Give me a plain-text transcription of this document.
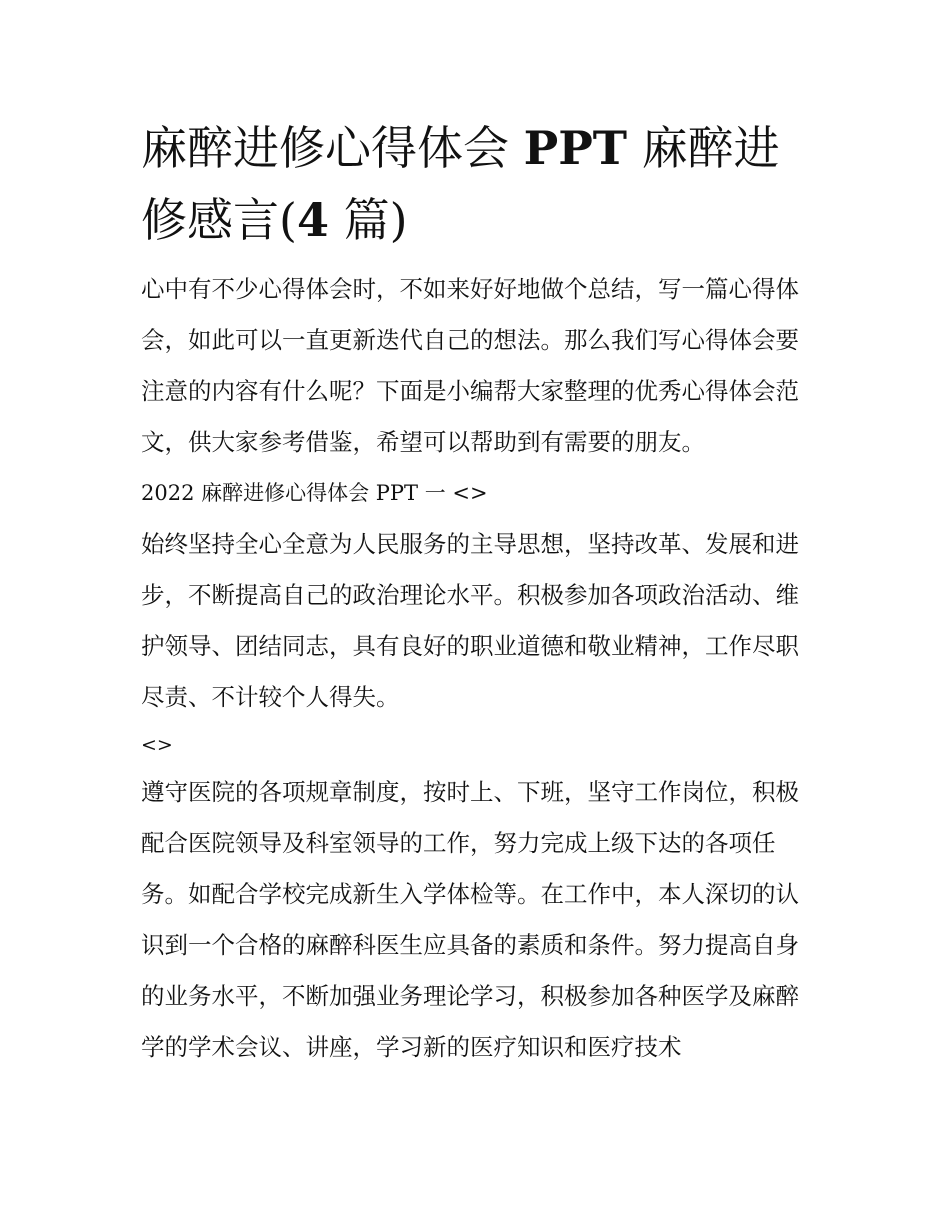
麻醉进修心得体会 PPT 麻醉进修感言(4 篇)

心中有不少心得体会时，不如来好好地做个总结，写一篇心得体会，如此可以一直更新迭代自己的想法。那么我们写心得体会要注意的内容有什么呢？下面是小编帮大家整理的优秀心得体会范文，供大家参考借鉴，希望可以帮助到有需要的朋友。

2022 麻醉进修心得体会 PPT 一 <>

始终坚持全心全意为人民服务的主导思想，坚持改革、发展和进步，不断提高自己的政治理论水平。积极参加各项政治活动、维护领导、团结同志，具有良好的职业道德和敬业精神，工作尽职尽责、不计较个人得失。

<>

遵守医院的各项规章制度，按时上、下班，坚守工作岗位，积极配合医院领导及科室领导的工作，努力完成上级下达的各项任务。如配合学校完成新生入学体检等。在工作中，本人深切的认识到一个合格的麻醉科医生应具备的素质和条件。努力提高自身的业务水平，不断加强业务理论学习，积极参加各种医学及麻醉学的学术会议、讲座，学习新的医疗知识和医疗技术
